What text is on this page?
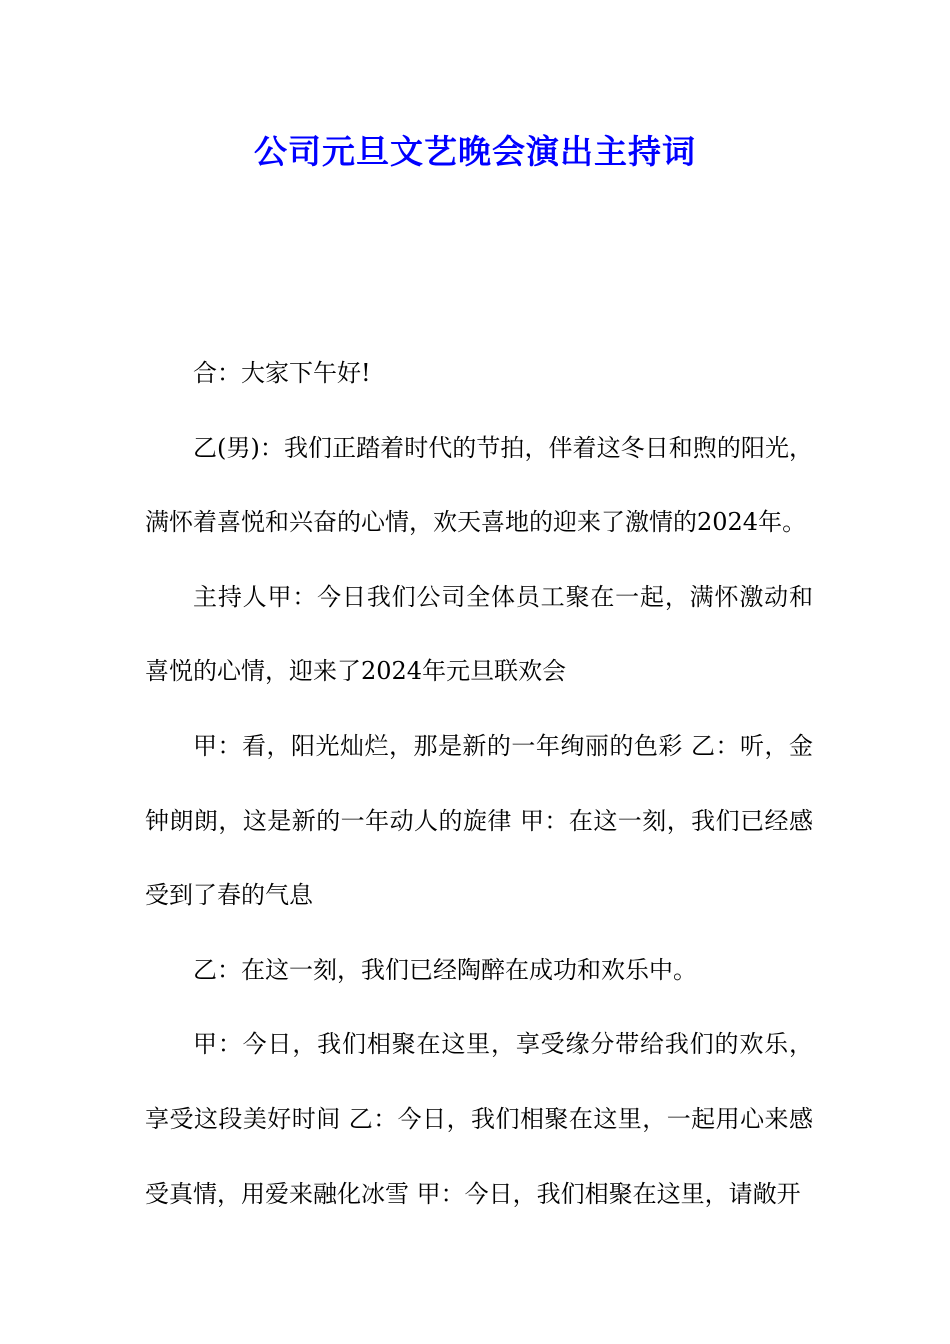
公司元旦文艺晚会演出主持词

合：大家下午好!

乙(男)：我们正踏着时代的节拍，伴着这冬日和煦的阳光，满怀着喜悦和兴奋的心情，欢天喜地的迎来了激情的2024年。

主持人甲：今日我们公司全体员工聚在一起，满怀激动和喜悦的心情，迎来了2024年元旦联欢会

甲：看，阳光灿烂，那是新的一年绚丽的色彩 乙：听，金钟朗朗，这是新的一年动人的旋律 甲：在这一刻，我们已经感受到了春的气息

乙：在这一刻，我们已经陶醉在成功和欢乐中。

甲：今日，我们相聚在这里，享受缘分带给我们的欢乐，享受这段美好时间 乙：今日，我们相聚在这里，一起用心来感受真情，用爱来融化冰雪 甲：今日，我们相聚在这里，请敞开
